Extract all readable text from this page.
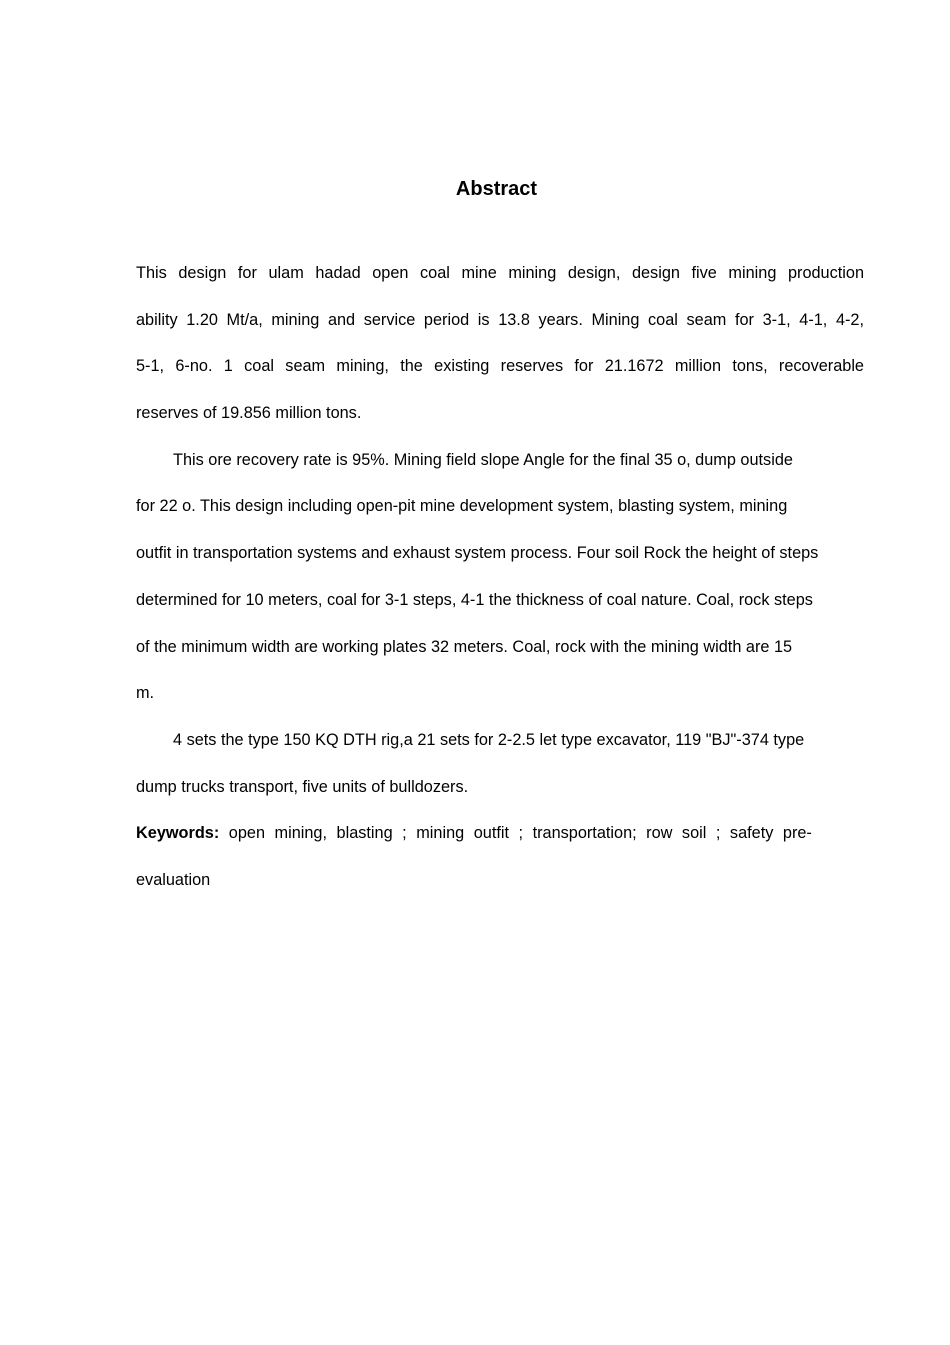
Abstract
This design for ulam hadad open coal mine mining design, design five mining production
ability 1.20 Mt/a, mining and service period is 13.8 years. Mining coal seam for 3-1, 4-1, 4-2,
5-1, 6-no. 1 coal seam mining, the existing reserves for 21.1672 million tons, recoverable
reserves of 19.856 million tons.
This ore recovery rate is 95%. Mining field slope Angle for the final 35 o, dump outside
for 22 o. This design including open-pit mine development system, blasting system, mining
outfit in transportation systems and exhaust system process. Four soil Rock the height of steps
determined for 10 meters, coal for 3-1 steps, 4-1 the thickness of coal nature. Coal, rock steps
of the minimum width are working plates 32 meters. Coal, rock with the mining width are 15
m.
4 sets the type 150 KQ DTH rig,a 21 sets for 2-2.5 let type excavator, 119 "BJ"-374 type
dump trucks transport, five units of bulldozers.
Keywords: open mining, blasting ; mining outfit ; transportation; row soil ; safety pre-
evaluation
